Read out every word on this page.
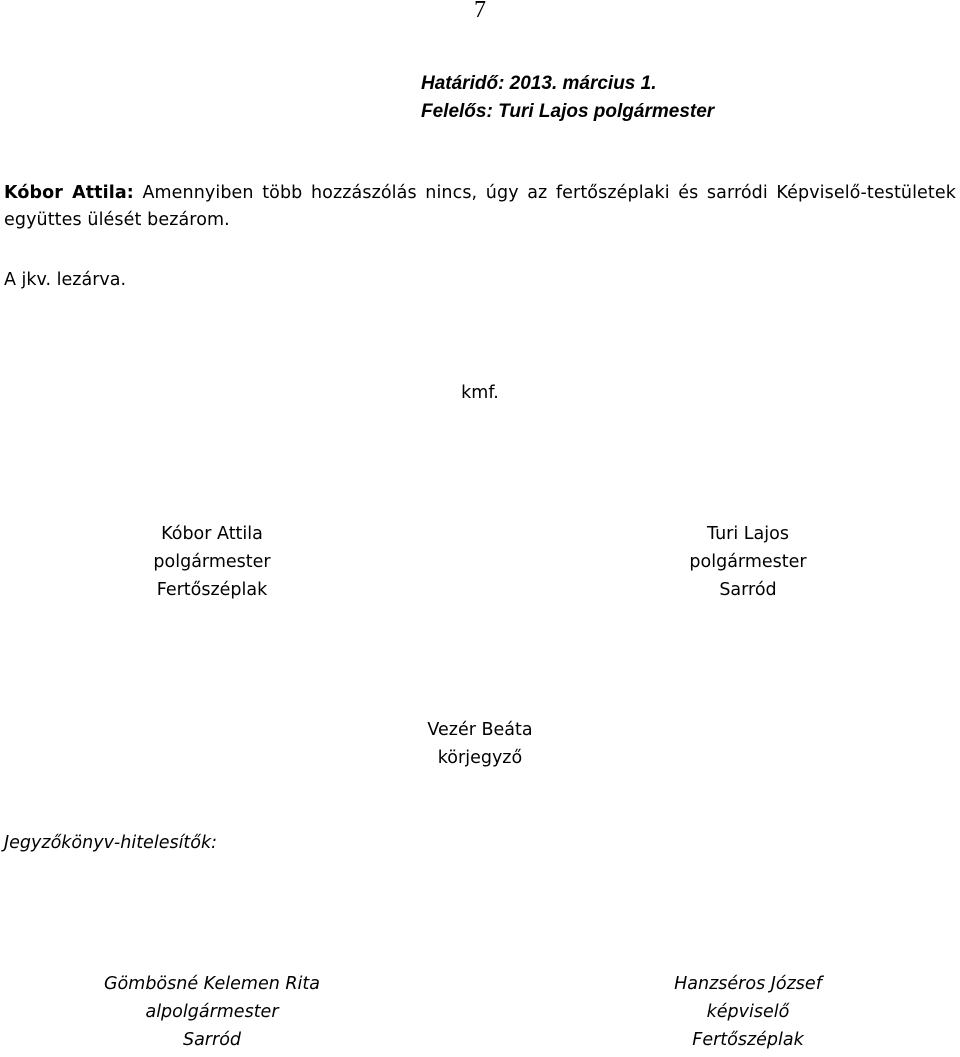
7
Határidő: 2013. március 1.
Felelős: Turi Lajos polgármester
Kóbor Attila: Amennyiben több hozzászólás nincs, úgy az fertőszéplaki és sarródi Képviselő-testületek együttes ülését bezárom.
A jkv. lezárva.
kmf.
Kóbor Attila
polgármester
Fertőszéplak
Turi Lajos
polgármester
Sarród
Vezér Beáta
körjegyző
Jegyzőkönyv-hitelesítők:
Gömbösné Kelemen Rita
alpolgármester
Sarród
Hanzséros József
képviselő
Fertőszéplak
